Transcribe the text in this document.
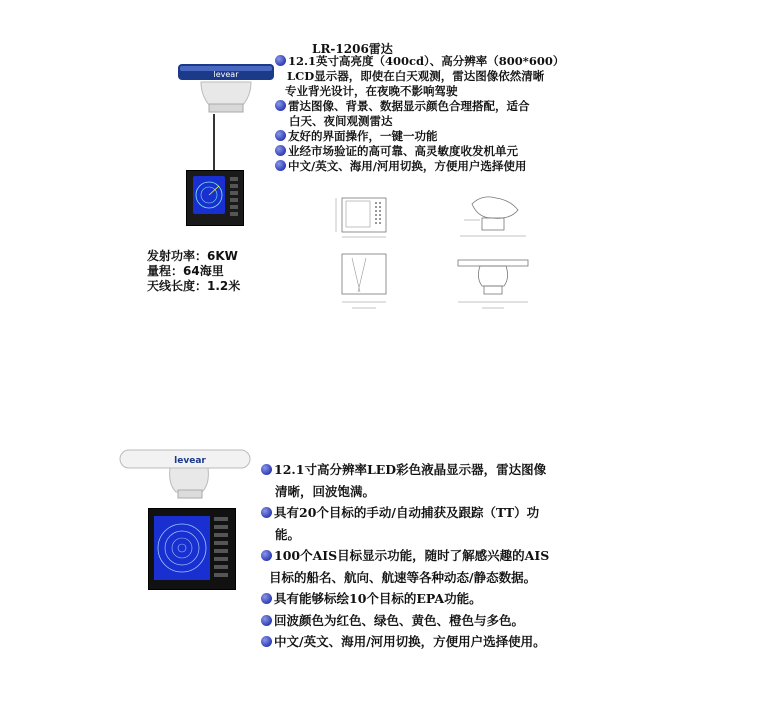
levear
发射功率：6KW
量程：64海里
天线长度：1.2米
LR-1206雷达
12.1英寸高亮度（400cd）、高分辨率（800*600）
LCD显示器，即使在白天观测，雷达图像依然清晰
专业背光设计，在夜晚不影响驾驶
雷达图像、背景、数据显示颜色合理搭配，适合
白天、夜间观测雷达
友好的界面操作，一键一功能
业经市场验证的高可靠、高灵敏度收发机单元
中文/英文、海用/河用切换，方便用户选择使用
levear
12.1寸高分辨率LED彩色液晶显示器，雷达图像
清晰，回波饱满。
具有20个目标的手动/自动捕获及跟踪（TT）功
能。
100个AIS目标显示功能，随时了解感兴趣的AIS
目标的船名、航向、航速等各种动态/静态数据。
具有能够标绘10个目标的EPA功能。
回波颜色为红色、绿色、黄色、橙色与多色。
中文/英文、海用/河用切换，方便用户选择使用。
